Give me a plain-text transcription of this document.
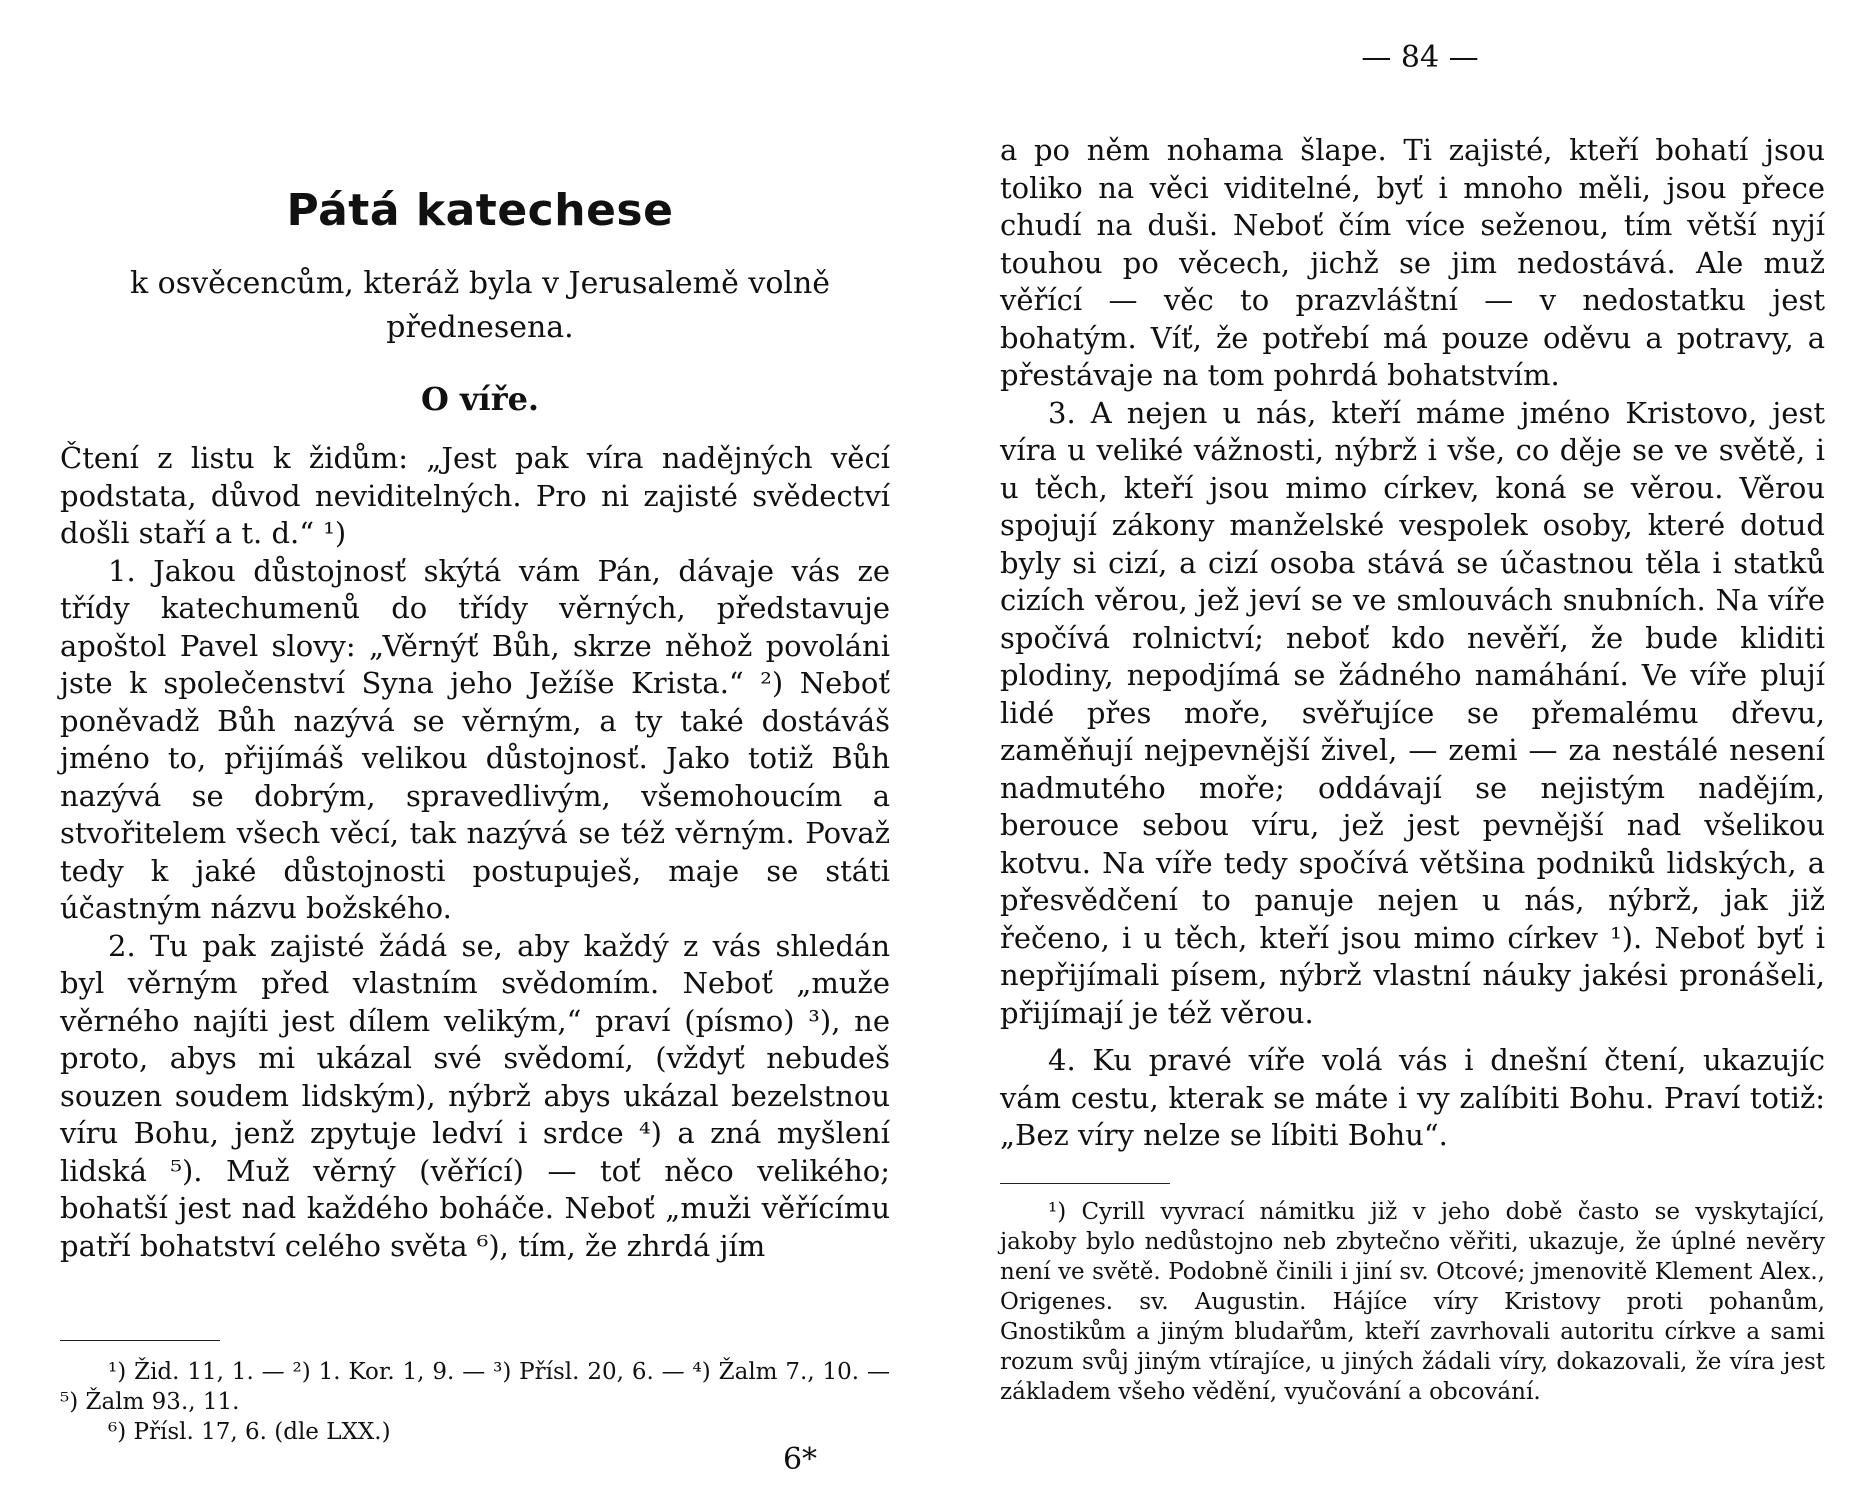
Pátá katechese
k osvěcencům, kteráž byla v Jerusalemě volně přednesena.
O víře.

Čtení z listu k židům: „Jest pak víra nadějných věcí podstata, důvod neviditelných. Pro ni zajisté svědectví došli staří a t. d.“ ¹)

1. Jakou důstojnosť skýtá vám Pán, dávaje vás ze třídy katechumenů do třídy věrných, představuje apoštol Pavel slovy: „Věrnýť Bůh, skrze něhož povoláni jste k společenství Syna jeho Ježíše Krista.“ ²) Neboť poněvadž Bůh nazývá se věrným, a ty také dostáváš jméno to, přijímáš velikou důstojnosť. Jako totiž Bůh nazývá se dobrým, spravedlivým, všemohoucím a stvořitelem všech věcí, tak nazývá se též věrným. Považ tedy k jaké důstojnosti postupuješ, maje se státi účastným názvu božského.

2. Tu pak zajisté žádá se, aby každý z vás shledán byl věrným před vlastním svědomím. Neboť „muže věrného najíti jest dílem velikým,“ praví (písmo) ³), ne proto, abys mi ukázal své svědomí, (vždyť nebudeš souzen soudem lidským), nýbrž abys ukázal bezelstnou víru Bohu, jenž zpytuje ledví i srdce ⁴) a zná myšlení lidská ⁵). Muž věrný (věřící) — toť něco velikého; bohatší jest nad každého boháče. Neboť „muži věřícímu patří bohatství celého světa ⁶), tím, že zhrdá jím

¹) Žid. 11, 1. — ²) 1. Kor. 1, 9. — ³) Přísl. 20, 6. — ⁴) Žalm 7., 10. — ⁵) Žalm 93., 11.

⁶) Přísl. 17, 6. (dle LXX.)

6*
— 84 —

a po něm nohama šlape. Ti zajisté, kteří bohatí jsou toliko na věci viditelné, byť i mnoho měli, jsou přece chudí na duši. Neboť čím více seženou, tím větší nyjí touhou po věcech, jichž se jim nedostává. Ale muž věřící — věc to prazvláštní — v nedostatku jest bohatým. Víť, že potřebí má pouze oděvu a potravy, a přestávaje na tom pohrdá bohatstvím.

3. A nejen u nás, kteří máme jméno Kristovo, jest víra u veliké vážnosti, nýbrž i vše, co děje se ve světě, i u těch, kteří jsou mimo církev, koná se věrou. Věrou spojují zákony manželské vespolek osoby, které dotud byly si cizí, a cizí osoba stává se účastnou těla i statků cizích věrou, jež jeví se ve smlouvách snubních. Na víře spočívá rolnictví; neboť kdo nevěří, že bude kliditi plodiny, nepodjímá se žádného namáhání. Ve víře plují lidé přes moře, svěřujíce se přemalému dřevu, zaměňují nejpevnější živel, — zemi — za nestálé nesení nadmutého moře; oddávají se nejistým nadějím, berouce sebou víru, jež jest pevnější nad všelikou kotvu. Na víře tedy spočívá většina podniků lidských, a přesvědčení to panuje nejen u nás, nýbrž, jak již řečeno, i u těch, kteří jsou mimo církev ¹). Neboť byť i nepřijímali písem, nýbrž vlastní náuky jakési pronášeli, přijímají je též věrou.

4. Ku pravé víře volá vás i dnešní čtení, ukazujíc vám cestu, kterak se máte i vy zalíbiti Bohu. Praví totiž: „Bez víry nelze se líbiti Bohu“.

¹) Cyrill vyvrací námitku již v jeho době často se vyskytající, jakoby bylo nedůstojno neb zbytečno věřiti, ukazuje, že úplné nevěry není ve světě. Podobně činili i jiní sv. Otcové; jmenovitě Klement Alex., Origenes. sv. Augustin. Hájíce víry Kristovy proti pohanům, Gnostikům a jiným bludařům, kteří zavrhovali autoritu církve a sami rozum svůj jiným vtírajíce, u jiných žádali víry, dokazovali, že víra jest základem všeho vědění, vyučování a obcování.
